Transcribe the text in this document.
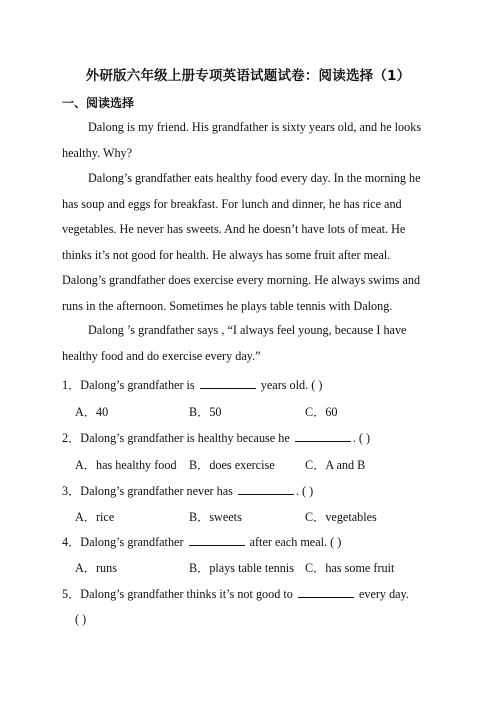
外研版六年级上册专项英语试题试卷：阅读选择（1）
一、阅读选择

Dalong is my friend. His grandfather is sixty years old, and he looks healthy. Why?

Dalong’s grandfather eats healthy food every day. In the morning he has soup and eggs for breakfast. For lunch and dinner, he has rice and vegetables. He never has sweets. And he doesn’t have lots of meat. He thinks it’s not good for health. He always has some fruit after meal. Dalong’s grandfather does exercise every morning. He always swims and runs in the afternoon. Sometimes he plays table tennis with Dalong.

Dalong ’s grandfather says , “I always feel young, because I have healthy food and do exercise every day.”

1．Dalong’s grandfather is	years old. ( )
A．40	B．50	C．60
2．Dalong’s grandfather is healthy because he	. ( )
A．has healthy food B．does exercise C．A and B
3．Dalong’s grandfather never has	. ( )
A．rice	B．sweets	C．vegetables
4．Dalong’s grandfather	after each meal. ( )
A．runs	B．plays table tennis C．has some fruit
5．Dalong’s grandfather thinks it’s not good to	every day.
( )
